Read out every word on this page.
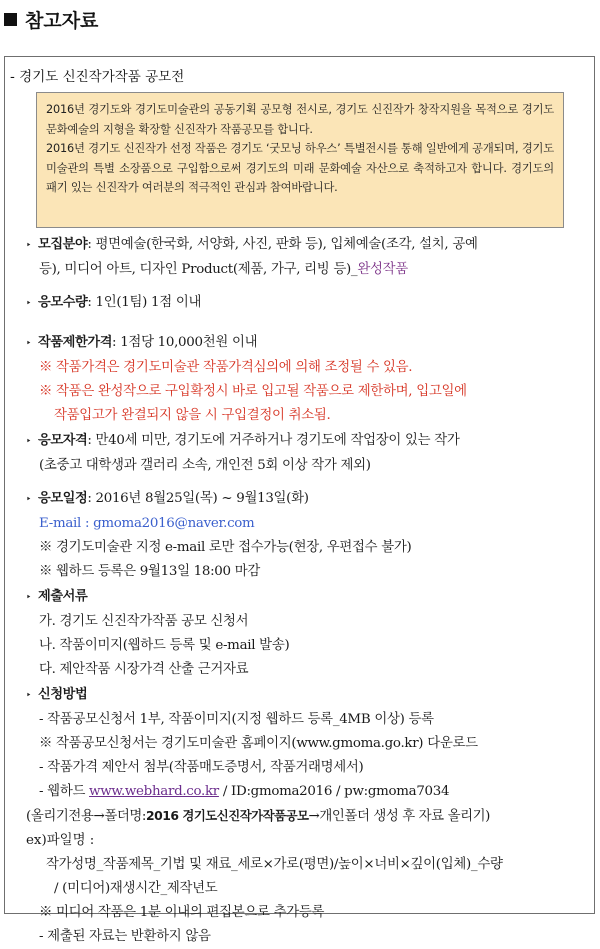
참고자료
- 경기도 신진작가작품 공모전

2016년 경기도와 경기도미술관의 공동기획 공모형 전시로, 경기도 신진작가 창작지원을 목적으로 경기도 문화예술의 지형을 확장할 신진작가 작품공모를 합니다.

2016년 경기도 신진작가 선정 작품은 경기도 ‘굿모닝 하우스’ 특별전시를 통해 일반에게 공개되며, 경기도미술관의 특별 소장품으로 구입함으로써 경기도의 미래 문화예술 자산으로 축적하고자 합니다. 경기도의 패기 있는 신진작가 여러분의 적극적인 관심과 참여바랍니다.

‣ 모집분야 : 평면예술(한국화, 서양화, 사진, 판화 등), 입체예술(조각, 설치, 공예
등), 미디어 아트, 디자인 Product(제품, 가구, 리빙 등)_완성작품
‣ 응모수량 : 1인(1팀) 1점 이내
‣ 작품제한가격 : 1점당 10,000천원 이내
※ 작품가격은 경기도미술관 작품가격심의에 의해 조정될 수 있음.
※ 작품은 완성작으로 구입확정시 바로 입고될 작품으로 제한하며, 입고일에
작품입고가 완결되지 않을 시 구입결정이 취소됨.
‣ 응모자격 : 만40세 미만, 경기도에 거주하거나 경기도에 작업장이 있는 작가
(초중고 대학생과 갤러리 소속, 개인전 5회 이상 작가 제외)
‣ 응모일정 : 2016년 8월25일(목) ~ 9월13일(화)
E-mail : gmoma2016@naver.com
※ 경기도미술관 지정 e-mail 로만 접수가능(현장, 우편접수 불가)
※ 웹하드 등록은 9월13일 18:00 마감
‣ 제출서류
가. 경기도 신진작가작품 공모 신청서
나. 작품이미지(웹하드 등록 및 e-mail 발송)
다. 제안작품 시장가격 산출 근거자료
‣ 신청방법
- 작품공모신청서 1부, 작품이미지(지정 웹하드 등록_4MB 이상) 등록
※ 작품공모신청서는 경기도미술관 홈페이지(www.gmoma.go.kr) 다운로드
- 작품가격 제안서 첨부(작품매도증명서, 작품거래명세서)
- 웹하드 www.webhard.co.kr / ID:gmoma2016 / pw:gmoma7034
(올리기전용→폴더명:2016 경기도신진작가작품공모→개인폴더 생성 후 자료 올리기)
ex)파일명 :
작가성명_작품제목_기법 및 재료_세로×가로(평면)/높이×너비×깊이(입체)_수량
/ (미디어)재생시간_제작년도
※ 미디어 작품은 1분 이내의 편집본으로 추가등록
- 제출된 자료는 반환하지 않음
